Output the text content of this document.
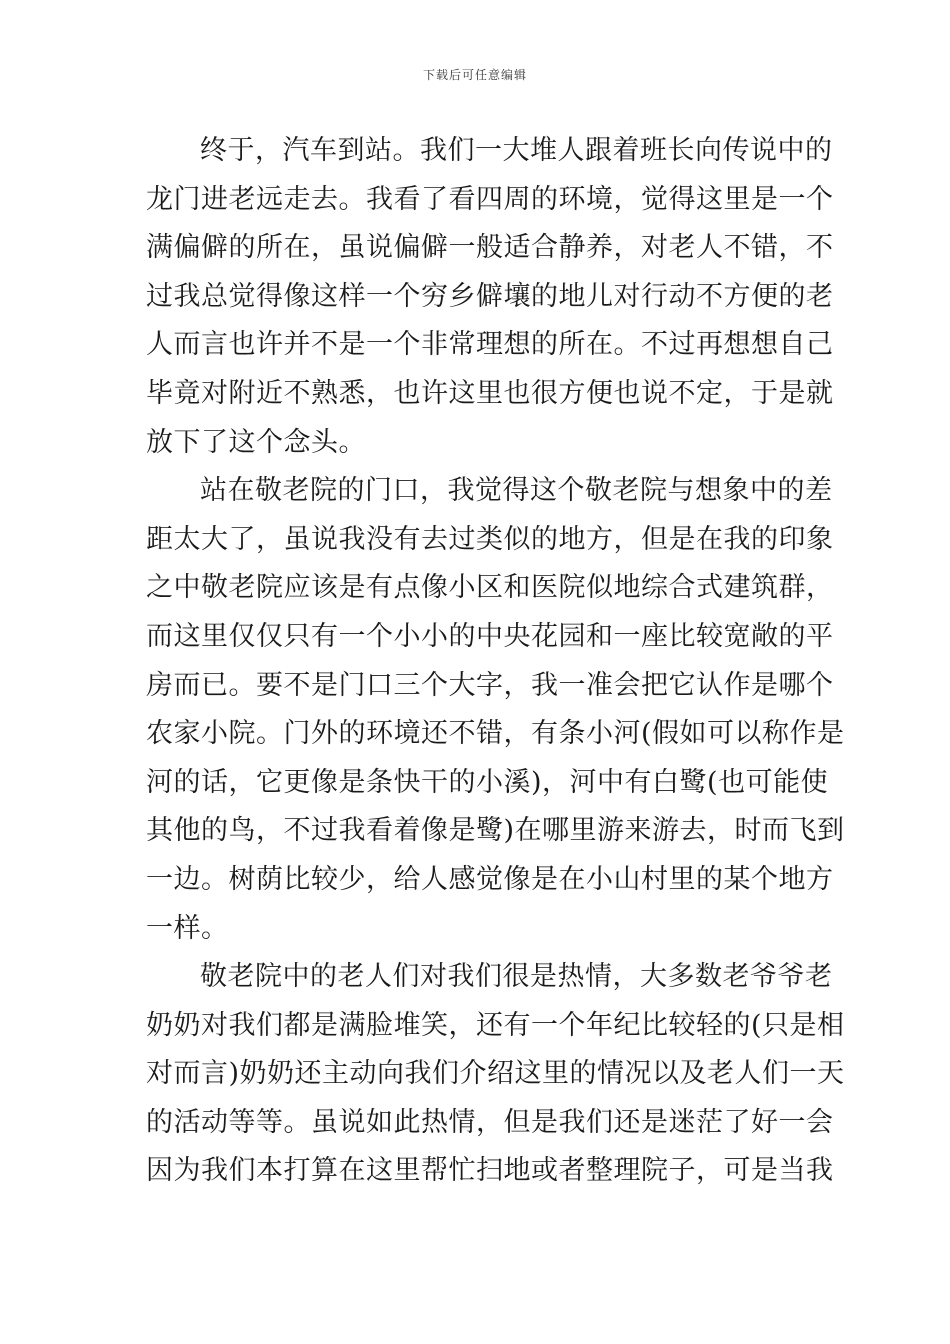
下载后可任意编辑
终于，汽车到站。我们一大堆人跟着班长向传说中的
龙门进老远走去。我看了看四周的环境，觉得这里是一个
满偏僻的所在，虽说偏僻一般适合静养，对老人不错，不
过我总觉得像这样一个穷乡僻壤的地儿对行动不方便的老
人而言也许并不是一个非常理想的所在。不过再想想自己
毕竟对附近不熟悉，也许这里也很方便也说不定，于是就
放下了这个念头。
站在敬老院的门口，我觉得这个敬老院与想象中的差
距太大了，虽说我没有去过类似的地方，但是在我的印象
之中敬老院应该是有点像小区和医院似地综合式建筑群，
而这里仅仅只有一个小小的中央花园和一座比较宽敞的平
房而已。要不是门口三个大字，我一准会把它认作是哪个
农家小院。门外的环境还不错，有条小河(假如可以称作是
河的话，它更像是条快干的小溪)，河中有白鹭(也可能使
其他的鸟，不过我看着像是鹭)在哪里游来游去，时而飞到
一边。树荫比较少，给人感觉像是在小山村里的某个地方
一样。
敬老院中的老人们对我们很是热情，大多数老爷爷老
奶奶对我们都是满脸堆笑，还有一个年纪比较轻的(只是相
对而言)奶奶还主动向我们介绍这里的情况以及老人们一天
的活动等等。虽说如此热情，但是我们还是迷茫了好一会
因为我们本打算在这里帮忙扫地或者整理院子，可是当我
